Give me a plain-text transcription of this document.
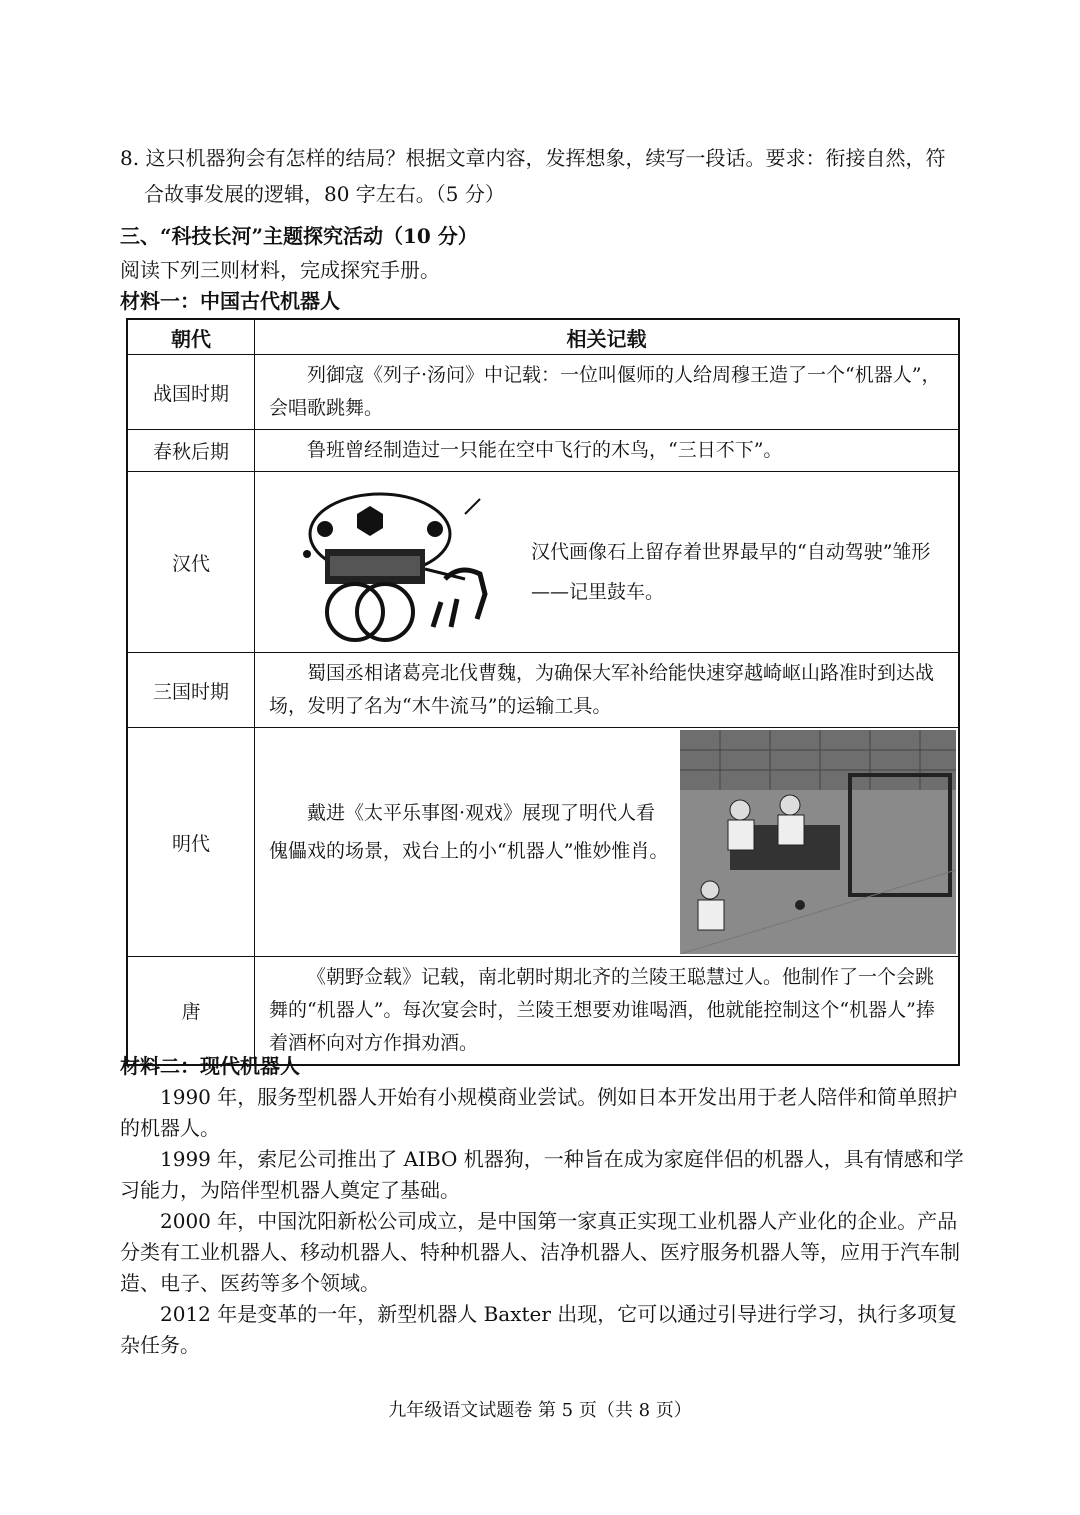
8. 这只机器狗会有怎样的结局？根据文章内容，发挥想象，续写一段话。要求：衔接自然，符
合故事发展的逻辑，80 字左右。（5 分）
三、“科技长河”主题探究活动（10 分）
阅读下列三则材料，完成探究手册。
材料一：中国古代机器人
朝代	相关记载
战国时期	列御寇《列子·汤问》中记载：一位叫偃师的人给周穆王造了一个“机器人”，会唱歌跳舞。

春秋后期	鲁班曾经制造过一只能在空中飞行的木鸟，“三日不下”。

汉代	汉代画像石上留存着世界最早的“自动驾驶”雏形——记里鼓车。

三国时期	蜀国丞相诸葛亮北伐曹魏，为确保大军补给能快速穿越崎岖山路准时到达战场，发明了名为“木牛流马”的运输工具。

明代	戴进《太平乐事图·观戏》展现了明代人看傀儡戏的场景，戏台上的小“机器人”惟妙惟肖。

唐	《朝野佥载》记载，南北朝时期北齐的兰陵王聪慧过人。他制作了一个会跳舞的“机器人”。每次宴会时，兰陵王想要劝谁喝酒，他就能控制这个“机器人”捧着酒杯向对方作揖劝酒。
材料二：现代机器人

1990 年，服务型机器人开始有小规模商业尝试。例如日本开发出用于老人陪伴和简单照护的机器人。

1999 年，索尼公司推出了 AIBO 机器狗，一种旨在成为家庭伴侣的机器人，具有情感和学习能力，为陪伴型机器人奠定了基础。

2000 年，中国沈阳新松公司成立，是中国第一家真正实现工业机器人产业化的企业。产品分类有工业机器人、移动机器人、特种机器人、洁净机器人、医疗服务机器人等，应用于汽车制造、电子、医药等多个领域。

2012 年是变革的一年，新型机器人 Baxter 出现，它可以通过引导进行学习，执行多项复杂任务。

九年级语文试题卷 第 5 页（共 8 页）
